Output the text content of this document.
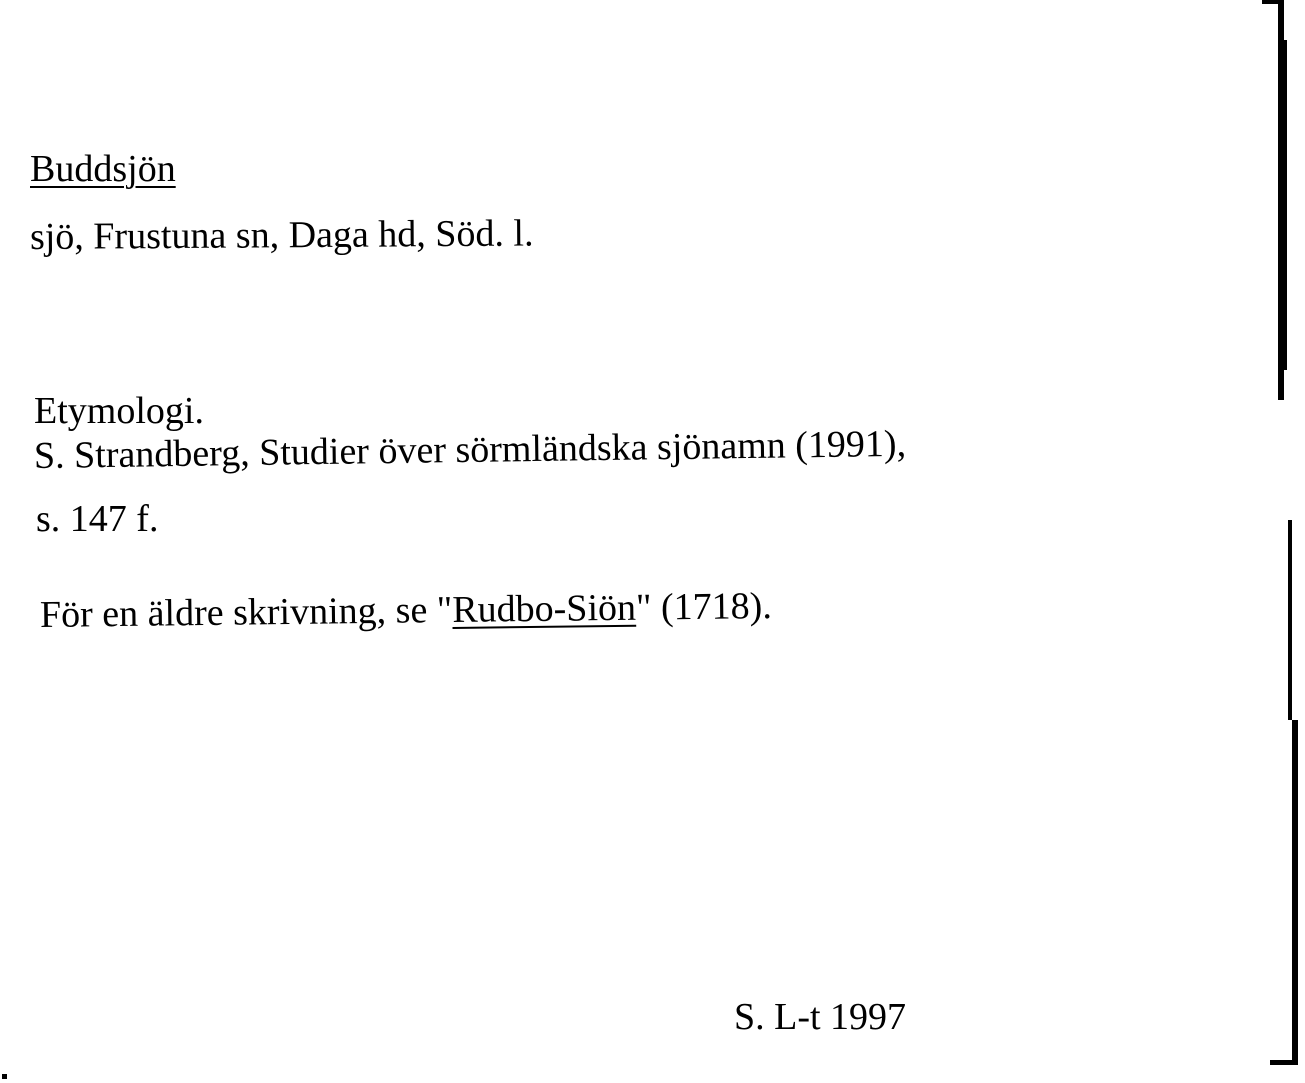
Buddsjön
sjö, Frustuna sn, Daga hd, Söd. l.
Etymologi.
S. Strandberg, Studier över sörmländska sjönamn (1991),
s. 147 f.
För en äldre skrivning, se "Rudbo-Siön" (1718).
S. L-t 1997
